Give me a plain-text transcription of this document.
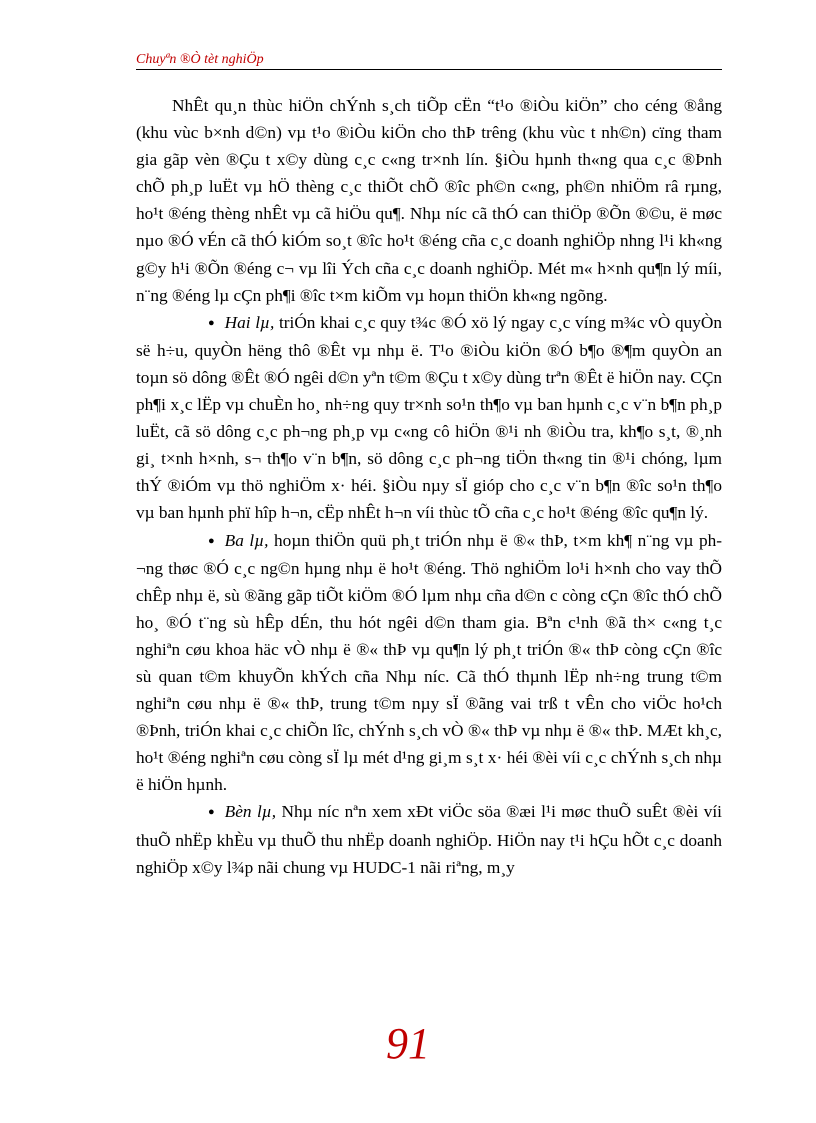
Chuyªn ®Ò tèt nghiÖp

NhÊt qu¸n thùc hiÖn chÝnh s¸ch tiÕp cËn “t¹o ®iÒu kiÖn” cho céng ®ång (khu vùc b×nh d©n) vµ t¹o ®iÒu kiÖn cho thÞ trêng (khu vùc t nh©n) cïng tham gia gãp vèn ®Çu t x©y dùng c¸c c«ng tr×nh lín. §iÒu hµnh th«ng qua c¸c ®Þnh chÕ ph¸p luËt vµ hÖ thèng c¸c thiÕt chÕ ®îc ph©n c«ng, ph©n nhiÖm râ rµng, ho¹t ®éng thèng nhÊt vµ cã hiÖu qu¶. Nhµ níc cã thÓ can thiÖp ®Õn ®©u, ë møc nµo ®Ó vÉn cã thÓ kiÓm so¸t ®îc ho¹t ®éng cña c¸c doanh nghiÖp nhng l¹i kh«ng g©y h¹i ®Õn ®éng c¬ vµ lîi Ých cña c¸c doanh nghiÖp. Mét m« h×nh qu¶n lý míi, n¨ng ®éng lµ cÇn ph¶i ®îc t×m kiÕm vµ hoµn thiÖn kh«ng ngõng.

● Hai lµ, triÓn khai c¸c quy t¾c ®Ó xö lý ngay c¸c víng m¾c vÒ quyÒn së h÷u, quyÒn hëng thô ®Êt vµ nhµ ë. T¹o ®iÒu kiÖn ®Ó b¶o ®¶m quyÒn an toµn sö dông ®Êt ®Ó ngêi d©n yªn t©m ®Çu t x©y dùng trªn ®Êt ë hiÖn nay. CÇn ph¶i x¸c lËp vµ chuÈn ho¸ nh÷ng quy tr×nh so¹n th¶o vµ ban hµnh c¸c v¨n b¶n ph¸p luËt, cã sö dông c¸c ph¬ng ph¸p vµ c«ng cô hiÖn ®¹i nh ®iÒu tra, kh¶o s¸t, ®¸nh gi¸ t×nh h×nh, s¬ th¶o v¨n b¶n, sö dông c¸c ph¬ng tiÖn th«ng tin ®¹i chóng, lµm thÝ ®iÓm vµ thö nghiÖm x· héi. §iÒu nµy sÏ gióp cho c¸c v¨n b¶n ®îc so¹n th¶o vµ ban hµnh phï hîp h¬n, cËp nhÊt h¬n víi thùc tÕ cña c¸c ho¹t ®éng ®îc qu¶n lý.

● Ba lµ, hoµn thiÖn quü ph¸t triÓn nhµ ë ®« thÞ, t×m kh¶ n¨ng vµ ph¬ng thøc ®Ó c¸c ng©n hµng nhµ ë ho¹t ®éng. Thö nghiÖm lo¹i h×nh cho vay thÕ chÊp nhµ ë, sù ®ãng gãp tiÕt kiÖm ®Ó lµm nhµ cña d©n c còng cÇn ®îc thÓ chÕ ho¸ ®Ó t¨ng sù hÊp dÉn, thu hót ngêi d©n tham gia. Bªn c¹nh ®ã th× c«ng t¸c nghiªn cøu khoa häc vÒ nhµ ë ®« thÞ vµ qu¶n lý ph¸t triÓn ®« thÞ còng cÇn ®îc sù quan t©m khuyÕn khÝch cña Nhµ níc. Cã thÓ thµnh lËp nh÷ng trung t©m nghiªn cøu nhµ ë ®« thÞ, trung t©m nµy sÏ ®ãng vai trß t vÊn cho viÖc ho¹ch ®Þnh, triÓn khai c¸c chiÕn lîc, chÝnh s¸ch vÒ ®« thÞ vµ nhµ ë ®« thÞ. MÆt kh¸c, ho¹t ®éng nghiªn cøu còng sÏ lµ mét d¹ng gi¸m s¸t x· héi ®èi víi c¸c chÝnh s¸ch nhµ ë hiÖn hµnh.

● Bèn lµ, Nhµ níc nªn xem xÐt viÖc söa ®æi l¹i møc thuÕ suÊt ®èi víi thuÕ nhËp khÈu vµ thuÕ thu nhËp doanh nghiÖp. HiÖn nay t¹i hÇu hÕt c¸c doanh nghiÖp x©y l¾p nãi chung vµ HUDC-1 nãi riªng, m¸y

91
